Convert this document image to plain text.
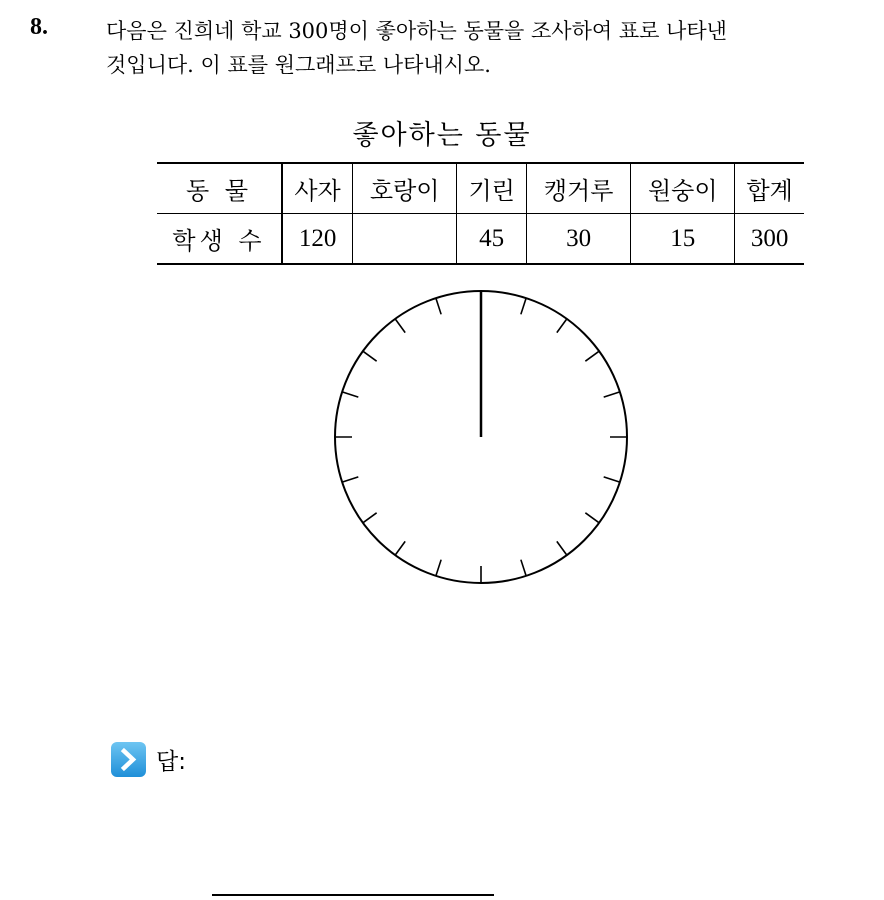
8.	다음은 진희네 학교 300명이 좋아하는 동물을 조사하여 표로 나타낸
것입니다. 이 표를 원그래프로 나타내시오.
좋아하는 동물
동 물	사자	호랑이	기린	캥거루	원숭이	합계
학생 수	120		45	30	15	300
답:
